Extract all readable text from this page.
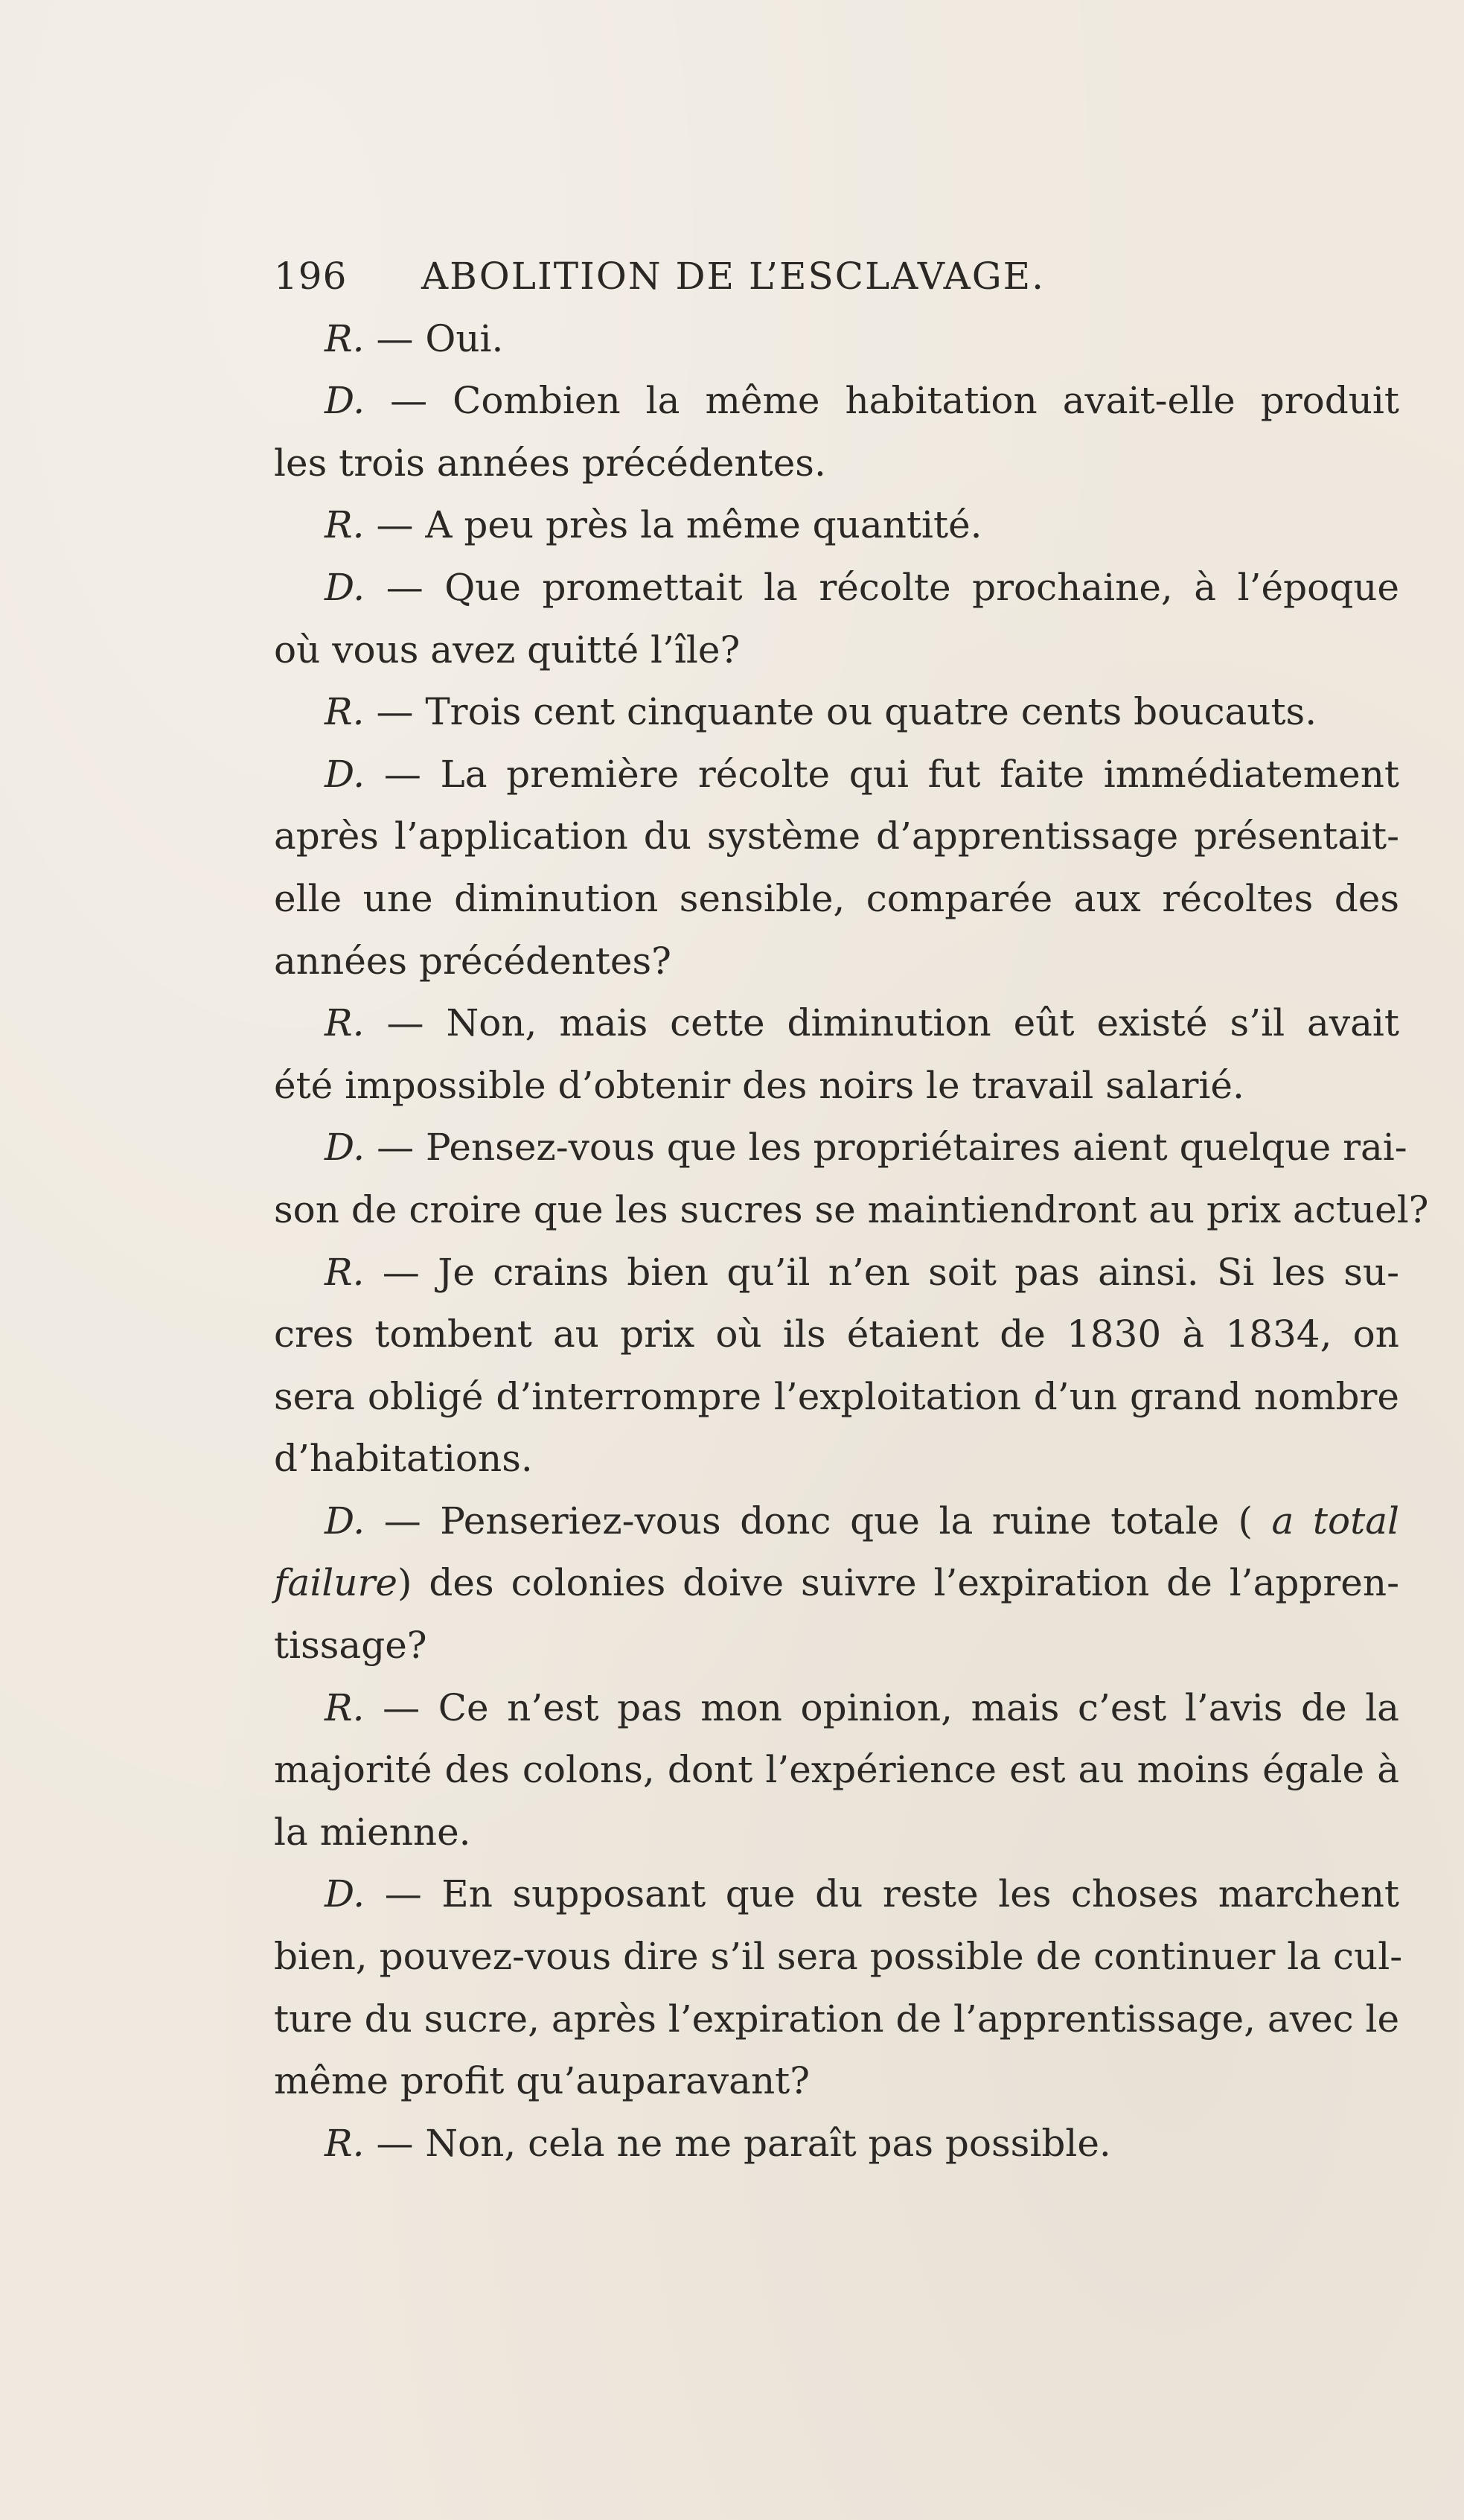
196	ABOLITION DE L’ESCLAVAGE.
R. — Oui.
D. — Combien la même habitation avait-elle produit
les trois années précédentes.
R. — A peu près la même quantité.
D. — Que promettait la récolte prochaine, à l’époque
où vous avez quitté l’île?
R. — Trois cent cinquante ou quatre cents boucauts.
D. — La première récolte qui fut faite immédiatement
après l’application du système d’apprentissage présentait-
elle une diminution sensible, comparée aux récoltes des
années précédentes?
R. — Non, mais cette diminution eût existé s’il avait
été impossible d’obtenir des noirs le travail salarié.
D. — Pensez-vous que les propriétaires aient quelque rai-
son de croire que les sucres se maintiendront au prix actuel?
R. — Je crains bien qu’il n’en soit pas ainsi. Si les su-
cres tombent au prix où ils étaient de 1830 à 1834, on
sera obligé d’interrompre l’exploitation d’un grand nombre
d’habitations.
D. — Penseriez-vous donc que la ruine totale ( a total
failure) des colonies doive suivre l’expiration de l’appren-
tissage?
R. — Ce n’est pas mon opinion, mais c’est l’avis de la
majorité des colons, dont l’expérience est au moins égale à
la mienne.
D. — En supposant que du reste les choses marchent
bien, pouvez-vous dire s’il sera possible de continuer la cul-
ture du sucre, après l’expiration de l’apprentissage, avec le
même profit qu’auparavant?
R. — Non, cela ne me paraît pas possible.
